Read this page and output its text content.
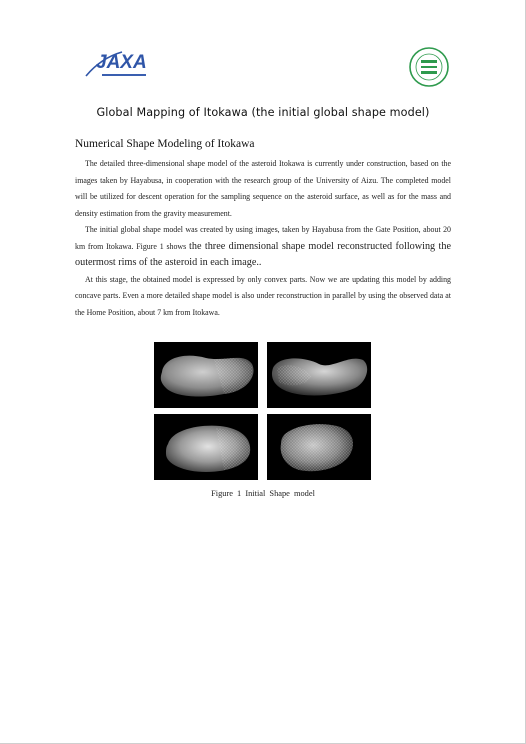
JAXA
Global Mapping of Itokawa (the initial global shape model)
Numerical Shape Modeling of Itokawa

The detailed three-dimensional shape model of the asteroid Itokawa is currently under construction, based on the images taken by Hayabusa, in cooperation with the research group of the University of Aizu. The completed model will be utilized for descent operation for the sampling sequence on the asteroid surface, as well as for the mass and density estimation from the gravity measurement.

The initial global shape model was created by using images, taken by Hayabusa from the Gate Position, about 20 km from Itokawa. Figure 1 shows the three dimensional shape model reconstructed following the outermost rims of the asteroid in each image..

At this stage, the obtained model is expressed by only convex parts. Now we are updating this model by adding concave parts. Even a more detailed shape model is also under reconstruction in parallel by using the observed data at the Home Position, about 7 km from Itokawa.

Figure 1 Initial Shape model
